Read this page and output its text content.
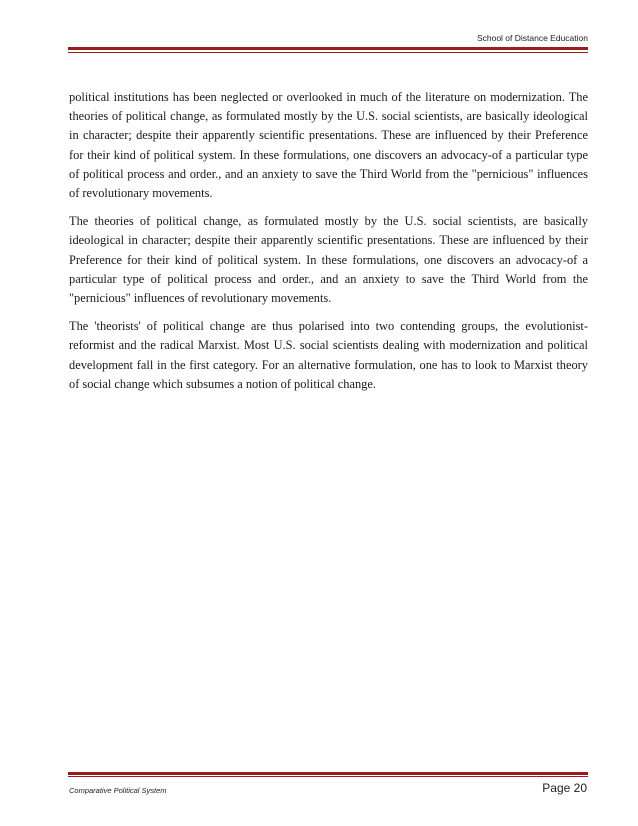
School of Distance Education

political institutions has been neglected or overlooked in much of the literature on modernization. The theories of political change, as formulated mostly by the U.S. social scientists, are basically ideological in character; despite their apparently scientific presentations. These are influenced by their Preference for their kind of political system. In these formulations, one discovers an advocacy-of a particular type of political process and order., and an anxiety to save the Third World from the "pernicious" influences of revolutionary movements.

The theories of political change, as formulated mostly by the U.S. social scientists, are basically ideological in character; despite their apparently scientific presentations. These are influenced by their Preference for their kind of political system. In these formulations, one discovers an advocacy-of a particular type of political process and order., and an anxiety to save the Third World from the "pernicious" influences of revolutionary movements.

The 'theorists' of political change are thus polarised into two contending groups, the evolutionist-reformist and the radical Marxist. Most U.S. social scientists dealing with modernization and political development fall in the first category. For an alternative formulation, one has to look to Marxist theory of social change which subsumes a notion of political change.

Comparative Political System	Page 20
